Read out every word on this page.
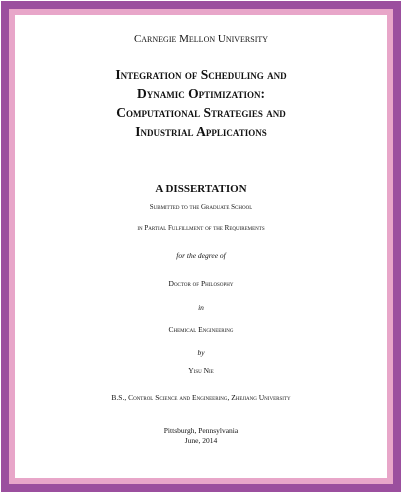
Carnegie Mellon University
Integration of Scheduling and
Dynamic Optimization:
Computational Strategies and
Industrial Applications
A DISSERTATION
Submitted to the Graduate School
in Partial Fulfillment of the Requirements
for the degree of
Doctor of Philosophy
in
Chemical Engineering
by
Yisu Nie
B.S., Control Science and Engineering, Zhejiang University
Pittsburgh, Pennsylvania
June, 2014
